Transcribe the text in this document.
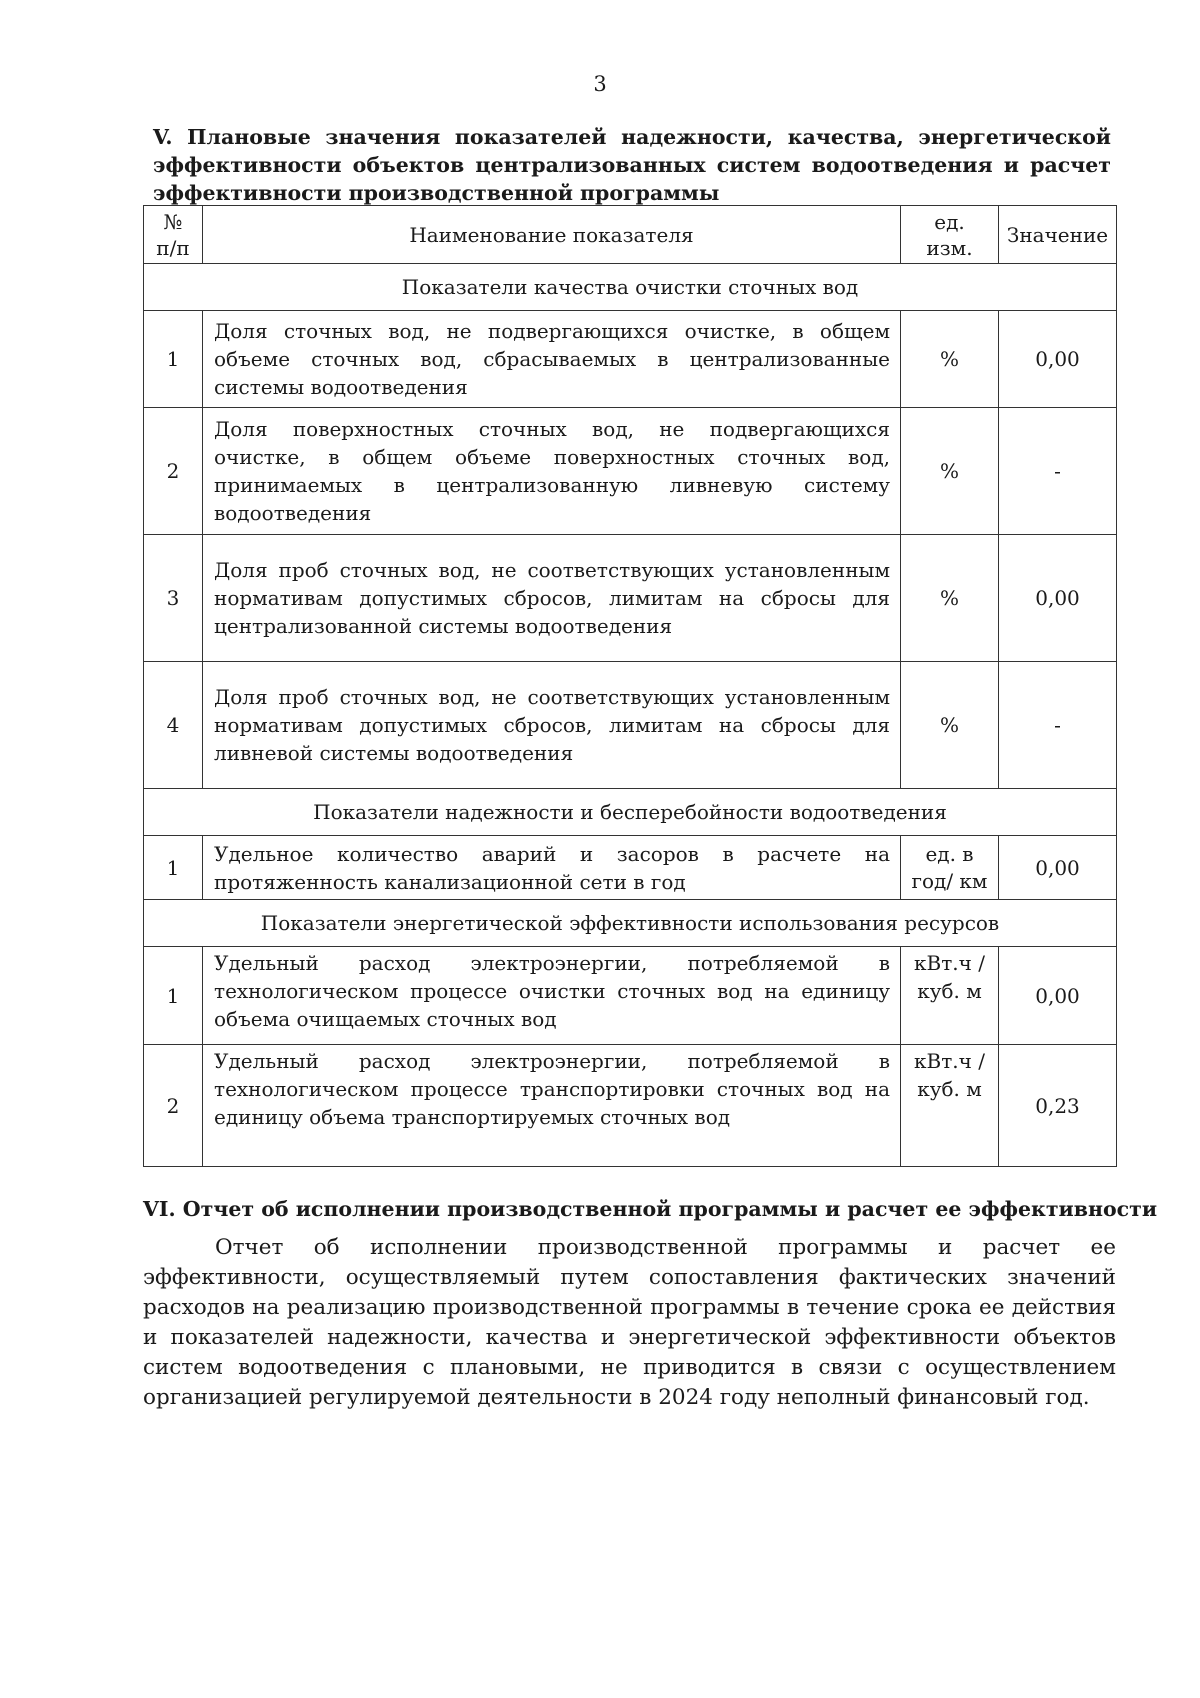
3
V. Плановые значения показателей надежности, качества, энергетической эффективности объектов централизованных систем водоотведения и расчет эффективности производственной программы
№ п/п	Наименование показателя	ед. изм.	Значение
Показатели качества очистки сточных вод			
1	Доля сточных вод, не подвергающихся очистке, в общем объеме сточных вод, сбрасываемых в централизованные системы водоотведения	%	0,00
2	Доля поверхностных сточных вод, не подвергающихся очистке, в общем объеме поверхностных сточных вод, принимаемых в централизованную ливневую систему водоотведения	%	-
3	Доля проб сточных вод, не соответствующих установленным нормативам допустимых сбросов, лимитам на сбросы для централизованной системы водоотведения	%	0,00
4	Доля проб сточных вод, не соответствующих установленным нормативам допустимых сбросов, лимитам на сбросы для ливневой системы водоотведения	%	-
Показатели надежности и бесперебойности водоотведения			
1	Удельное количество аварий и засоров в расчете на протяженность канализационной сети в год	ед. в год/ км	0,00
Показатели энергетической эффективности использования ресурсов			
1	Удельный расход электроэнергии, потребляемой в технологическом процессе очистки сточных вод на единицу объема очищаемых сточных вод	кВт.ч / куб. м	0,00
2	Удельный расход электроэнергии, потребляемой в технологическом процессе транспортировки сточных вод на единицу объема транспортируемых сточных вод	кВт.ч / куб. м	0,23
VI. Отчет об исполнении производственной программы и расчет ее эффективности

Отчет об исполнении производственной программы и расчет ее эффективности, осуществляемый путем сопоставления фактических значений расходов на реализацию производственной программы в течение срока ее действия и показателей надежности, качества и энергетической эффективности объектов систем водоотведения с плановыми, не приводится в связи с осуществлением организацией регулируемой деятельности в 2024 году неполный финансовый год.
